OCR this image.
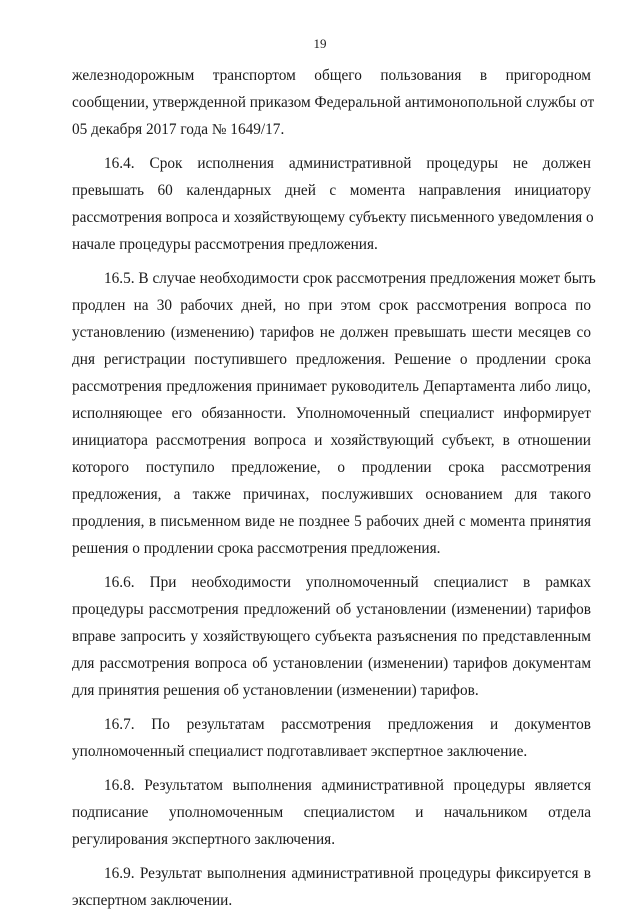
19

железнодорожным транспортом общего пользования в пригородном
сообщении, утвержденной приказом Федеральной антимонопольной службы от
05 декабря 2017 года № 1649/17.

16.4. Срок исполнения административной процедуры не должен
превышать 60 календарных дней с момента направления инициатору
рассмотрения вопроса и хозяйствующему субъекту письменного уведомления о
начале процедуры рассмотрения предложения.

16.5. В случае необходимости срок рассмотрения предложения может быть
продлен на 30 рабочих дней, но при этом срок рассмотрения вопроса по
установлению (изменению) тарифов не должен превышать шести месяцев со
дня регистрации поступившего предложения. Решение о продлении срока
рассмотрения предложения принимает руководитель Департамента либо лицо,
исполняющее его обязанности. Уполномоченный специалист информирует
инициатора рассмотрения вопроса и хозяйствующий субъект, в отношении
которого поступило предложение, о продлении срока рассмотрения
предложения, а также причинах, послуживших основанием для такого
продления, в письменном виде не позднее 5 рабочих дней с момента принятия
решения о продлении срока рассмотрения предложения.

16.6. При необходимости уполномоченный специалист в рамках
процедуры рассмотрения предложений об установлении (изменении) тарифов
вправе запросить у хозяйствующего субъекта разъяснения по представленным
для рассмотрения вопроса об установлении (изменении) тарифов документам
для принятия решения об установлении (изменении) тарифов.

16.7. По результатам рассмотрения предложения и документов
уполномоченный специалист подготавливает экспертное заключение.

16.8. Результатом выполнения административной процедуры является
подписание уполномоченным специалистом и начальником отдела
регулирования экспертного заключения.

16.9. Результат выполнения административной процедуры фиксируется в
экспертном заключении.
